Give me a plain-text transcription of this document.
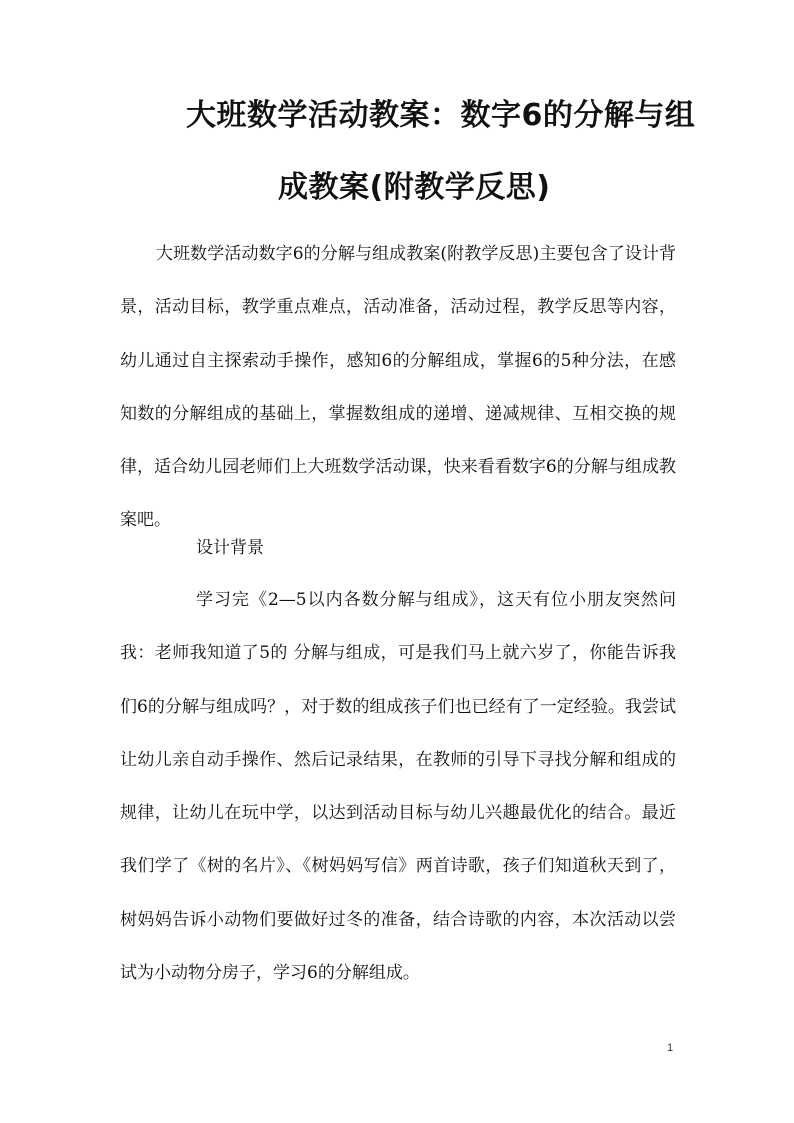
大班数学活动教案：数字6的分解与组
成教案(附教学反思)
大班数学活动数字6的分解与组成教案(附教学反思)主要包含了设计背景，活动目标，教学重点难点，活动准备，活动过程，教学反思等内容，幼儿通过自主探索动手操作，感知6的分解组成，掌握6的5种分法，在感知数的分解组成的基础上，掌握数组成的递增、递减规律、互相交换的规律，适合幼儿园老师们上大班数学活动课，快来看看数字6的分解与组成教案吧。
设计背景
学习完《2—5以内各数分解与组成》，这天有位小朋友突然问我：老师我知道了5的 分解与组成，可是我们马上就六岁了，你能告诉我们6的分解与组成吗？，对于数的组成孩子们也已经有了一定经验。我尝试让幼儿亲自动手操作、然后记录结果，在教师的引导下寻找分解和组成的规律，让幼儿在玩中学，以达到活动目标与幼儿兴趣最优化的结合。最近我们学了《树的名片》、《树妈妈写信》两首诗歌，孩子们知道秋天到了，树妈妈告诉小动物们要做好过冬的准备，结合诗歌的内容，本次活动以尝试为小动物分房子，学习6的分解组成。
1
